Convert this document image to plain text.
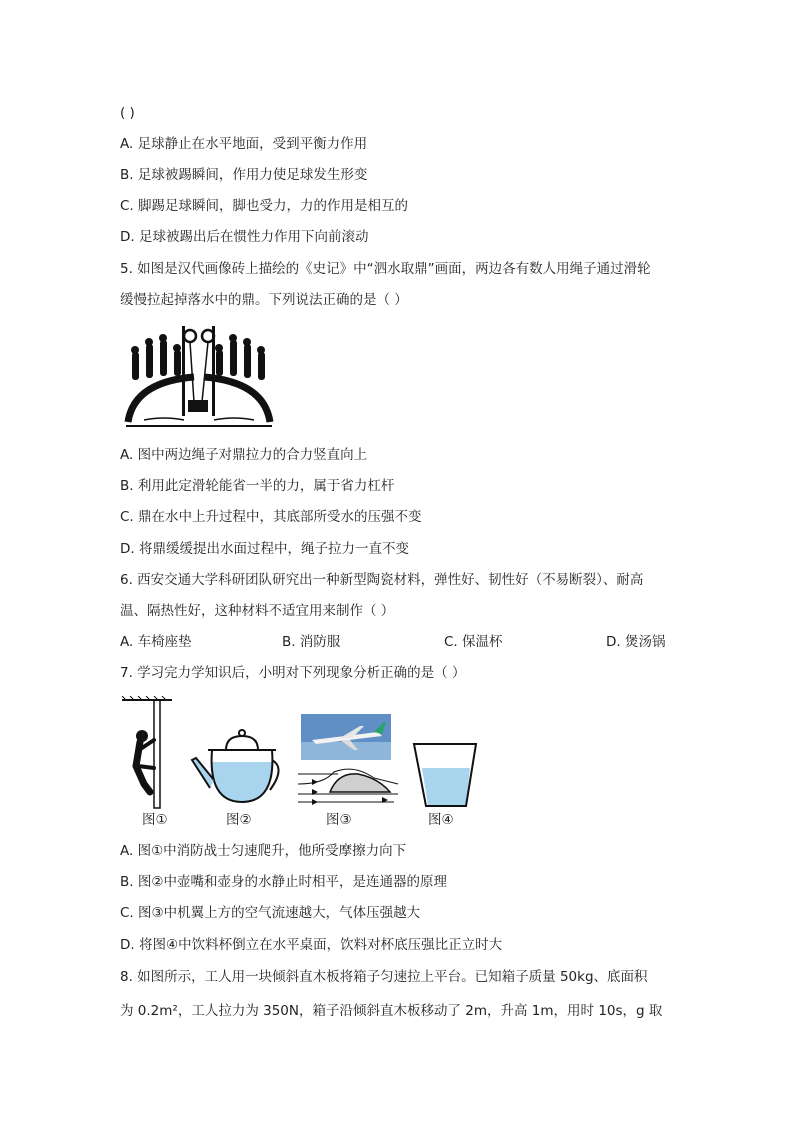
( )
A. 足球静止在水平地面，受到平衡力作用
B. 足球被踢瞬间，作用力使足球发生形变
C. 脚踢足球瞬间，脚也受力，力的作用是相互的
D. 足球被踢出后在惯性力作用下向前滚动
5. 如图是汉代画像砖上描绘的《史记》中“泗水取鼎”画面，两边各有数人用绳子通过滑轮
缓慢拉起掉落水中的鼎。下列说法正确的是（ ）
A. 图中两边绳子对鼎拉力的合力竖直向上
B. 利用此定滑轮能省一半的力，属于省力杠杆
C. 鼎在水中上升过程中，其底部所受水的压强不变
D. 将鼎缓缓提出水面过程中，绳子拉力一直不变
6. 西安交通大学科研团队研究出一种新型陶瓷材料，弹性好、韧性好（不易断裂）、耐高
温、隔热性好，这种材料不适宜用来制作（ ）
A. 车椅座垫	B. 消防服	C. 保温杯	D. 煲汤锅
7. 学习完力学知识后，小明对下列现象分析正确的是（ ）
图①	图②	图③	图④
A. 图①中消防战士匀速爬升，他所受摩擦力向下
B. 图②中壶嘴和壶身的水静止时相平，是连通器的原理
C. 图③中机翼上方的空气流速越大，气体压强越大
D. 将图④中饮料杯倒立在水平桌面，饮料对杯底压强比正立时大
8. 如图所示，工人用一块倾斜直木板将箱子匀速拉上平台。已知箱子质量 50kg、底面积
为 0.2m²，工人拉力为 350N，箱子沿倾斜直木板移动了 2m，升高 1m，用时 10s，g 取
